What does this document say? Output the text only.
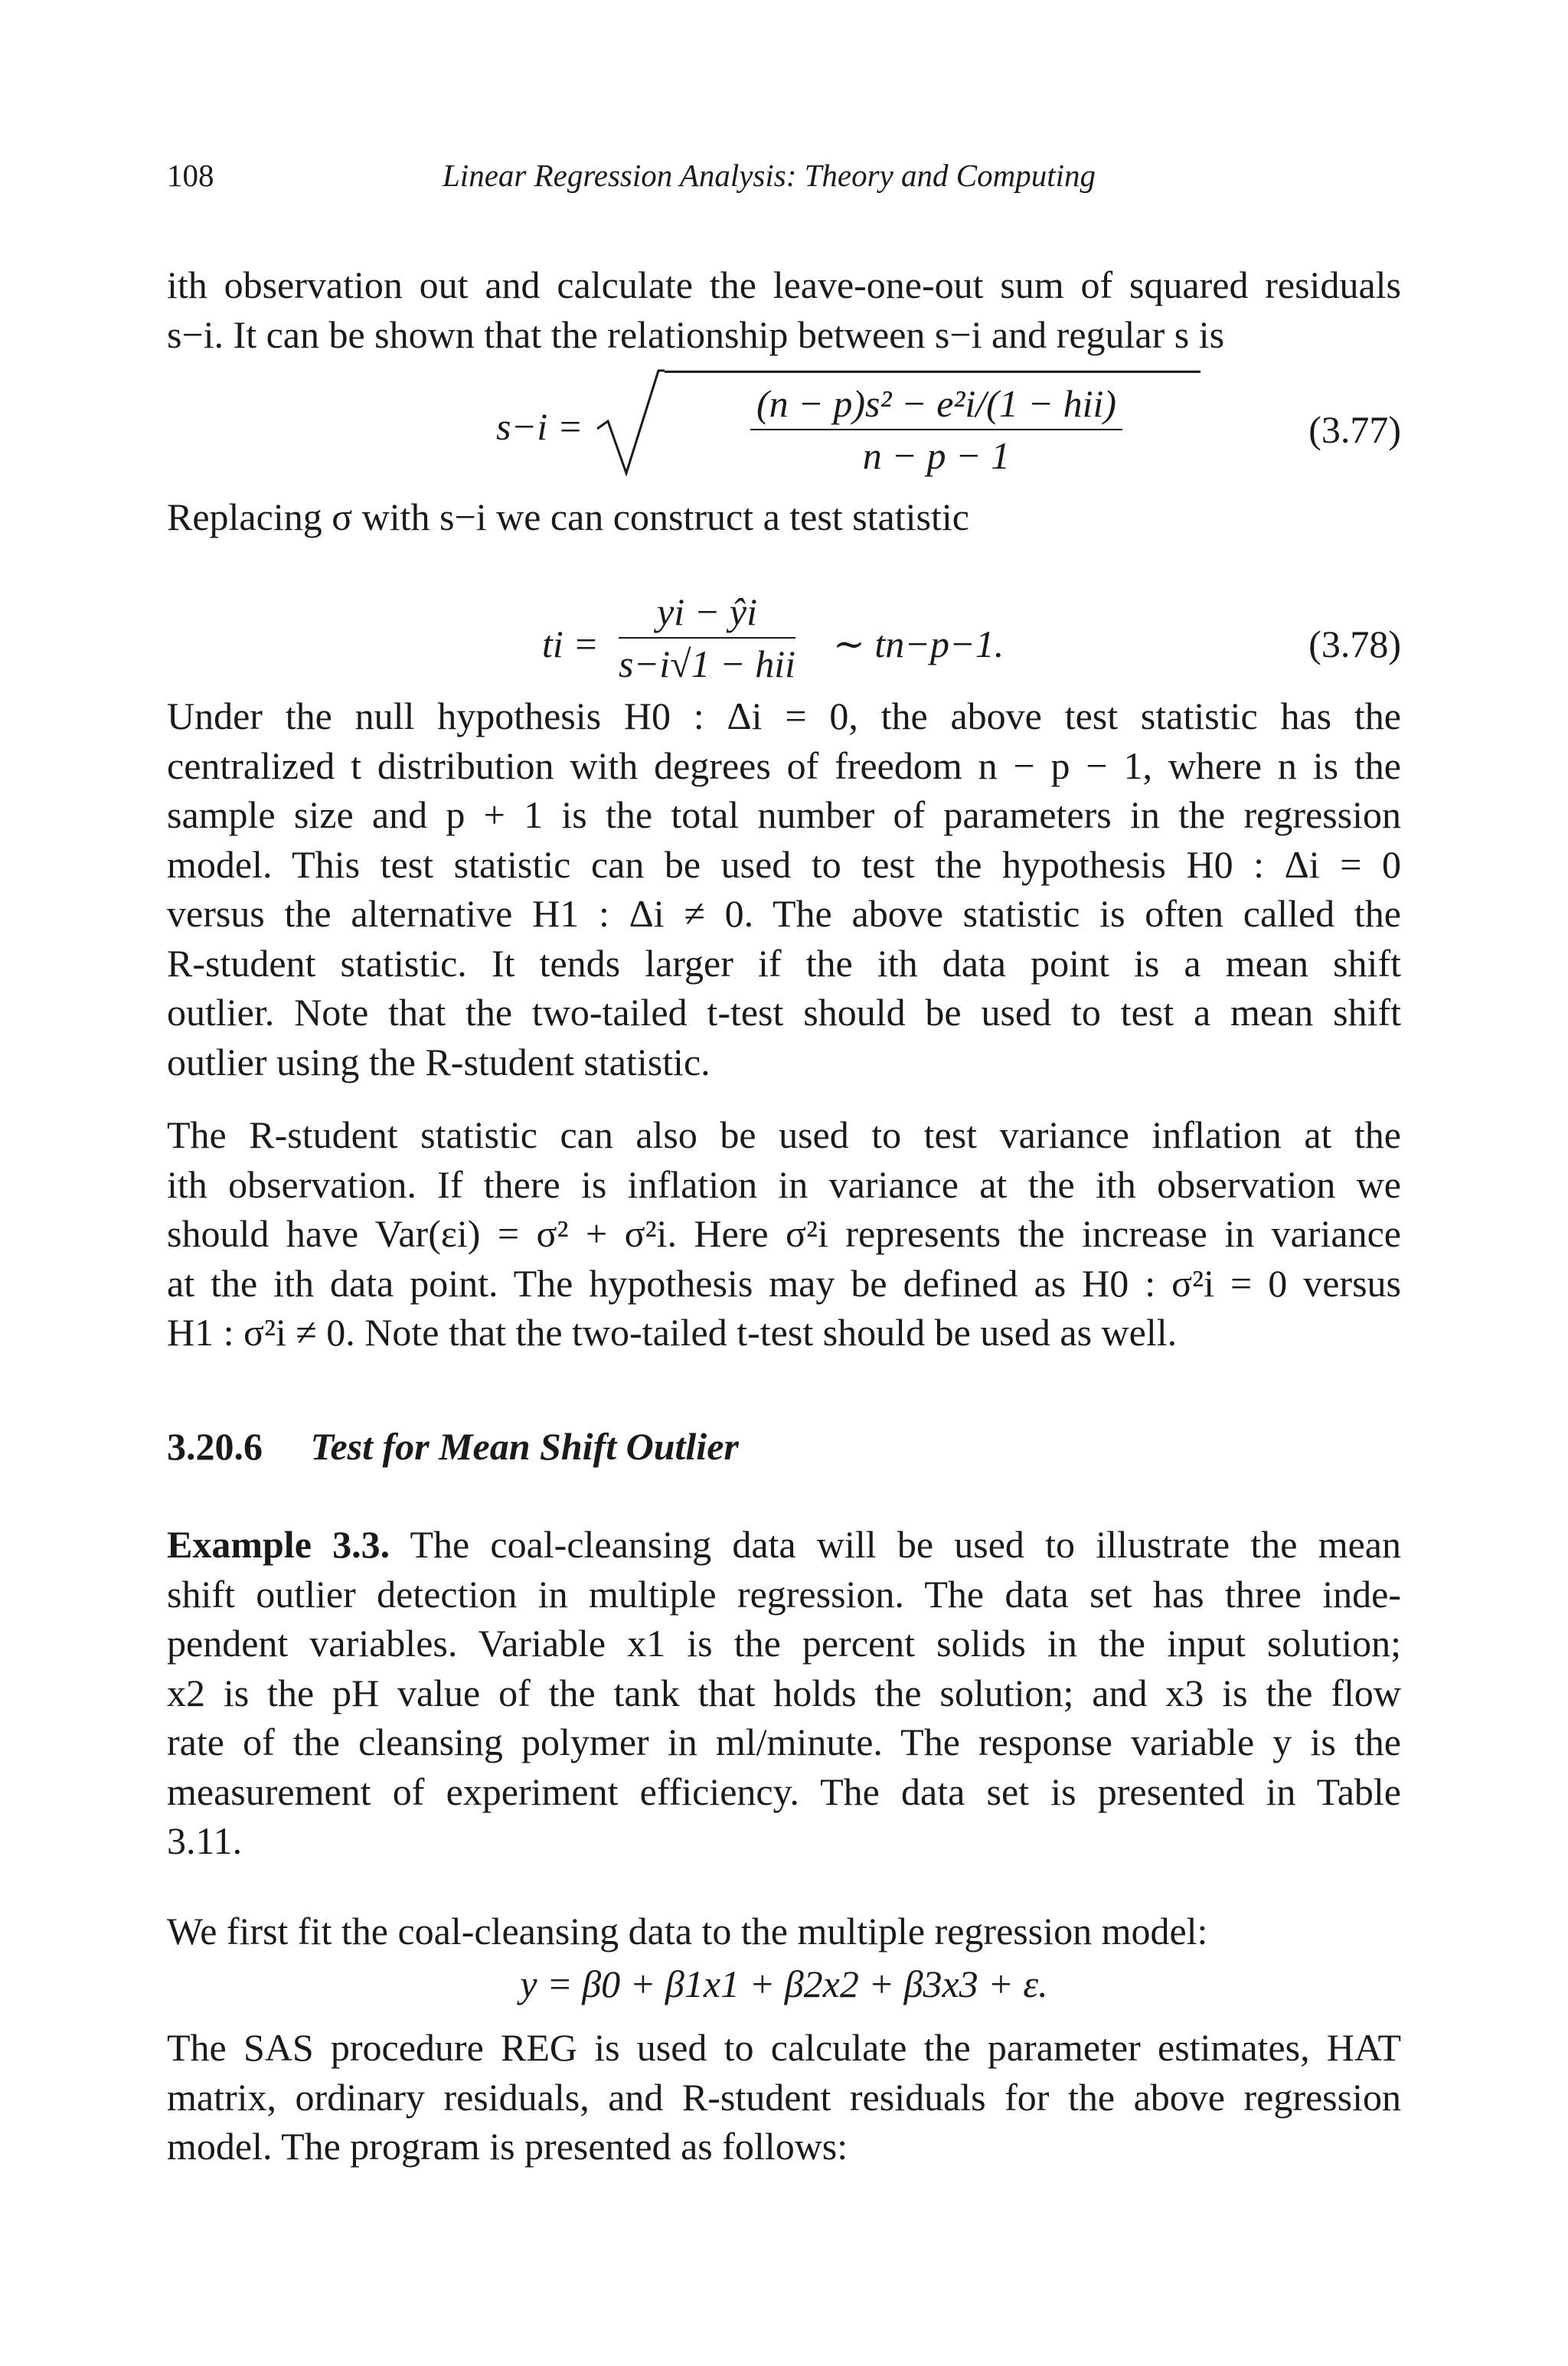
108	Linear Regression Analysis: Theory and Computing
ith observation out and calculate the leave-one-out sum of squared residuals
s−i. It can be shown that the relationship between s−i and regular s is
s−i =	$\frac{\text{(n − p)s² − e²i/(1 − hii)}}{n - p - 1}$	(3.77)
Replacing σ with s−i we can construct a test statistic
ti =
yi − ŷi
s−i√1 − hii ∼ tn−p−1.	(3.78)
Under the null hypothesis H0 : Δi = 0, the above test statistic has the
centralized t distribution with degrees of freedom n − p − 1, where n is the
sample size and p + 1 is the total number of parameters in the regression
model. This test statistic can be used to test the hypothesis H0 : Δi = 0
versus the alternative H1 : Δi ≠ 0. The above statistic is often called the
R-student statistic. It tends larger if the ith data point is a mean shift
outlier. Note that the two-tailed t-test should be used to test a mean shift
outlier using the R-student statistic.
The R-student statistic can also be used to test variance inflation at the
ith observation. If there is inflation in variance at the ith observation we
should have Var(εi) = σ² + σ²i. Here σ²i represents the increase in variance
at the ith data point. The hypothesis may be defined as H0 : σ²i = 0 versus
H1 : σ²i ≠ 0. Note that the two-tailed t-test should be used as well.
3.20.6 Test for Mean Shift Outlier
Example 3.3. The coal-cleansing data will be used to illustrate the mean
shift outlier detection in multiple regression. The data set has three inde-
pendent variables. Variable x1 is the percent solids in the input solution;
x2 is the pH value of the tank that holds the solution; and x3 is the flow
rate of the cleansing polymer in ml/minute. The response variable y is the
measurement of experiment efficiency. The data set is presented in Table
3.11.
We first fit the coal-cleansing data to the multiple regression model:
y = β0 + β1x1 + β2x2 + β3x3 + ε.
The SAS procedure REG is used to calculate the parameter estimates, HAT
matrix, ordinary residuals, and R-student residuals for the above regression
model. The program is presented as follows:
